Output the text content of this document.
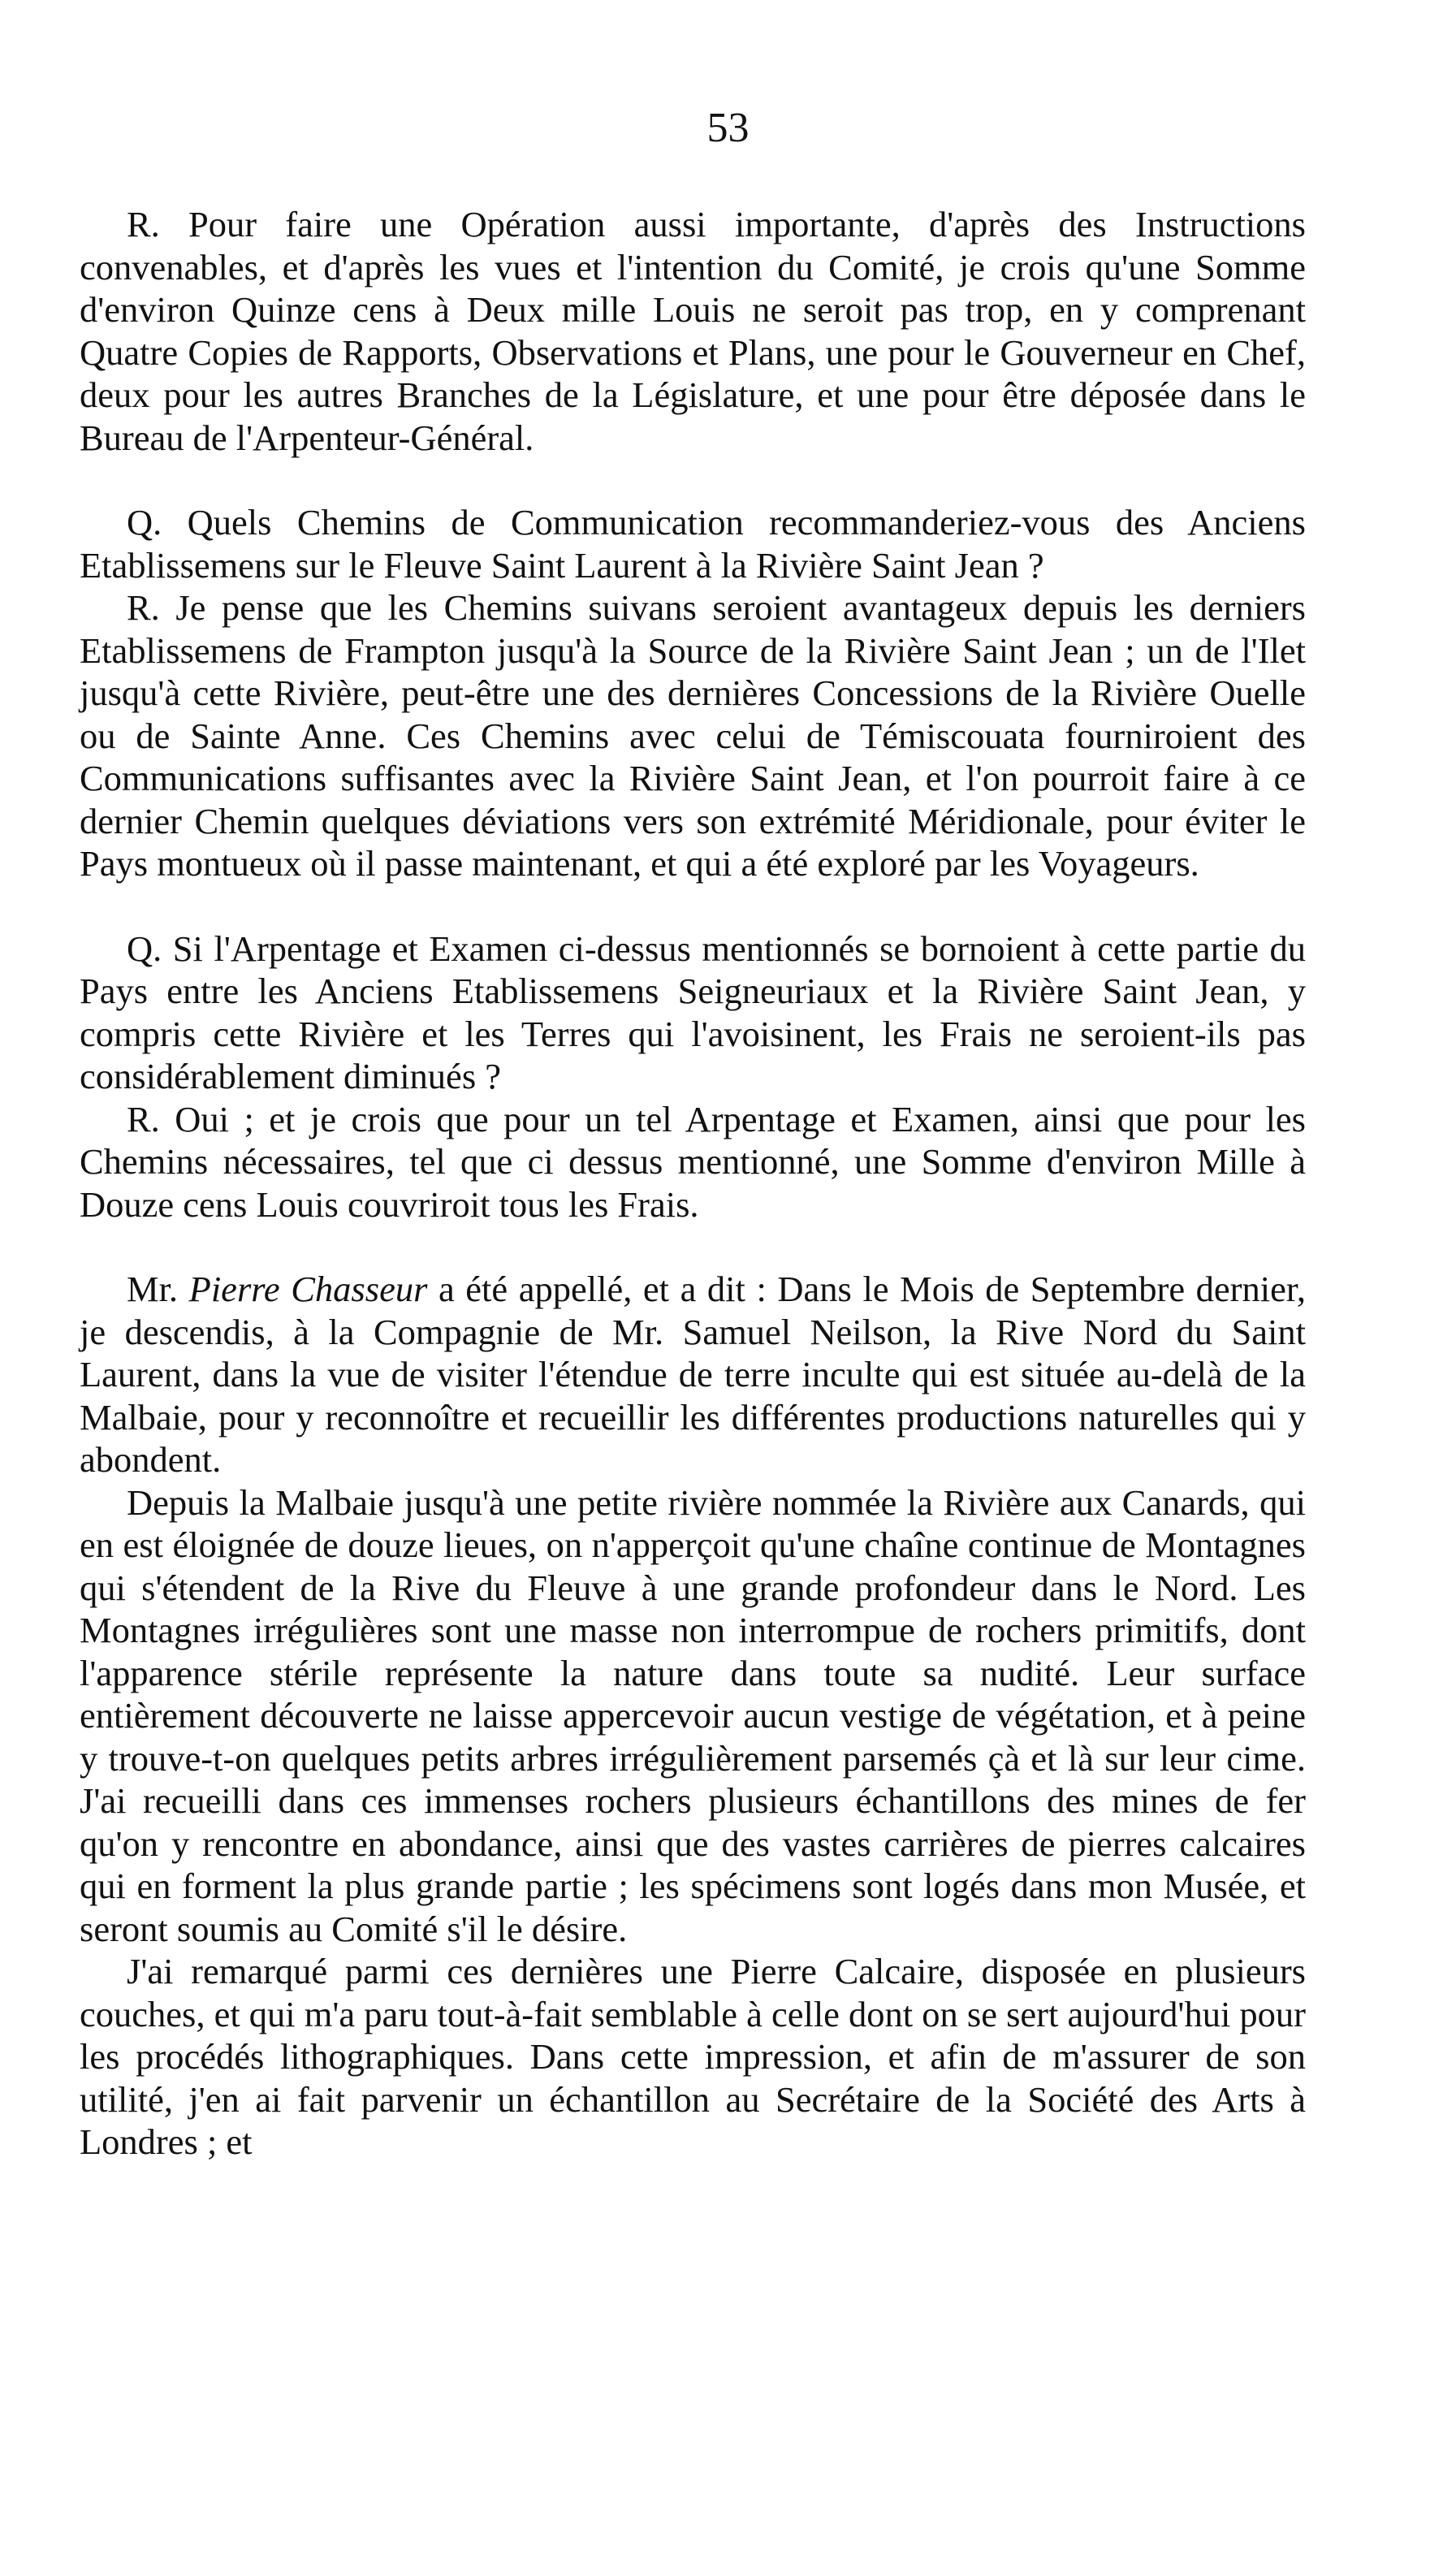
53

R. Pour faire une Opération aussi importante, d'après des Instructions convenables, et d'après les vues et l'intention du Comité, je crois qu'une Somme d'environ Quinze cens à Deux mille Louis ne seroit pas trop, en y comprenant Quatre Copies de Rapports, Observations et Plans, une pour le Gouverneur en Chef, deux pour les autres Branches de la Législature, et une pour être déposée dans le Bureau de l'Arpenteur-Général.

Q. Quels Chemins de Communication recommanderiez-vous des Anciens Etablissemens sur le Fleuve Saint Laurent à la Rivière Saint Jean ?

R. Je pense que les Chemins suivans seroient avantageux depuis les derniers Etablissemens de Frampton jusqu'à la Source de la Rivière Saint Jean ; un de l'Ilet jusqu'à cette Rivière, peut-être une des dernières Concessions de la Rivière Ouelle ou de Sainte Anne. Ces Chemins avec celui de Témiscouata fourniroient des Communications suffisantes avec la Rivière Saint Jean, et l'on pourroit faire à ce dernier Chemin quelques déviations vers son extrémité Méridionale, pour éviter le Pays montueux où il passe maintenant, et qui a été exploré par les Voyageurs.

Q. Si l'Arpentage et Examen ci-dessus mentionnés se bornoient à cette partie du Pays entre les Anciens Etablissemens Seigneuriaux et la Rivière Saint Jean, y compris cette Rivière et les Terres qui l'avoisinent, les Frais ne seroient-ils pas considérablement diminués ?

R. Oui ; et je crois que pour un tel Arpentage et Examen, ainsi que pour les Chemins nécessaires, tel que ci dessus mentionné, une Somme d'environ Mille à Douze cens Louis couvriroit tous les Frais.

Mr. Pierre Chasseur a été appellé, et a dit : Dans le Mois de Septembre dernier, je descendis, à la Compagnie de Mr. Samuel Neilson, la Rive Nord du Saint Laurent, dans la vue de visiter l'étendue de terre inculte qui est située au-delà de la Malbaie, pour y reconnoître et recueillir les différentes productions naturelles qui y abondent.

Depuis la Malbaie jusqu'à une petite rivière nommée la Rivière aux Canards, qui en est éloignée de douze lieues, on n'apperçoit qu'une chaîne continue de Montagnes qui s'étendent de la Rive du Fleuve à une grande profondeur dans le Nord. Les Montagnes irrégulières sont une masse non interrompue de rochers primitifs, dont l'apparence stérile représente la nature dans toute sa nudité. Leur surface entièrement découverte ne laisse appercevoir aucun vestige de végétation, et à peine y trouve-t-on quelques petits arbres irrégulièrement parsemés çà et là sur leur cime. J'ai recueilli dans ces immenses rochers plusieurs échantillons des mines de fer qu'on y rencontre en abondance, ainsi que des vastes carrières de pierres calcaires qui en forment la plus grande partie ; les spécimens sont logés dans mon Musée, et seront soumis au Comité s'il le désire.

J'ai remarqué parmi ces dernières une Pierre Calcaire, disposée en plusieurs couches, et qui m'a paru tout-à-fait semblable à celle dont on se sert aujourd'hui pour les procédés lithographiques. Dans cette impression, et afin de m'assurer de son utilité, j'en ai fait parvenir un échantillon au Secrétaire de la Société des Arts à Londres ; et
